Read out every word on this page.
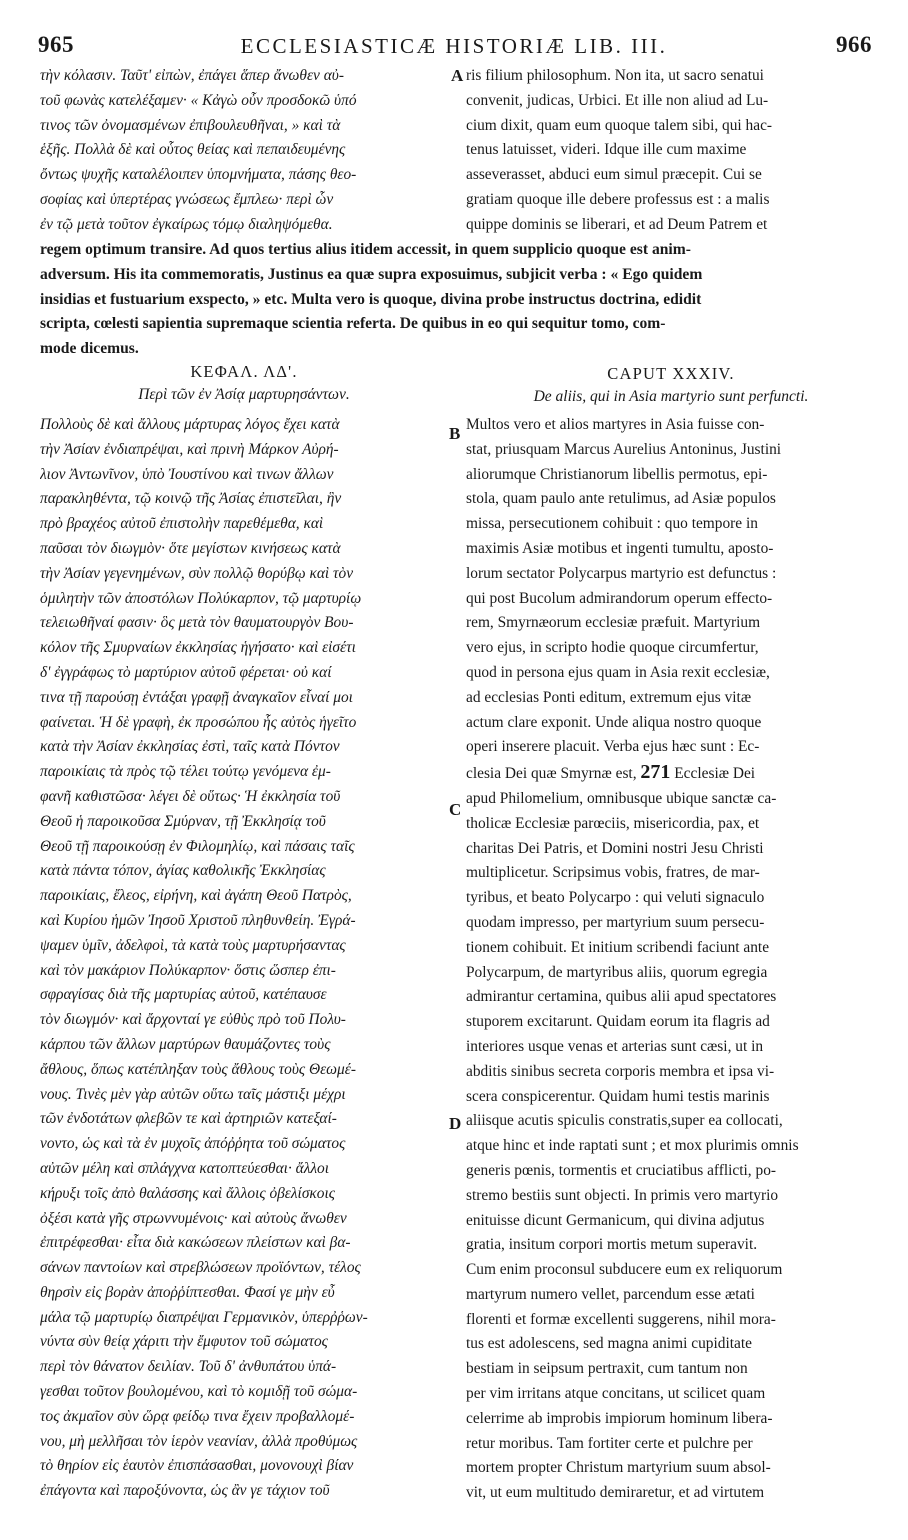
965	ECCLESIASTICÆ HISTORIÆ LIB. III.	966
τὴν κόλασιν. Ταῦτ' εἰπὼν, ἐπάγει ἅπερ ἄνωθεν αὐ-
τοῦ φωνὰς κατελέξαμεν· « Κἀγὼ οὖν προσδοκῶ ὑπό
τινος τῶν ὀνομασμένων ἐπιβουλευθῆναι, » καὶ τὰ
ἑξῆς. Πολλὰ δὲ καὶ οὗτος θείας καὶ πεπαιδευμένης
ὄντως ψυχῆς καταλέλοιπεν ὑπομνήματα, πάσης θεο-
σοφίας καὶ ὑπερτέρας γνώσεως ἔμπλεω· περὶ ὧν
ἐν τῷ μετὰ τοῦτον ἐγκαίρως τόμῳ διαληψόμεθα.
A ris filium philosophum. Non ita, ut sacro senatui
convenit, judicas, Urbici. Et ille non aliud ad Lu-
cium dixit, quam eum quoque talem sibi, qui hac-
tenus latuisset, videri. Idque ille cum maxime
asseverasset, abduci eum simul præcepit. Cui se
gratiam quoque ille debere professus est : a malis
quippe dominis se liberari, et ad Deum Patrem et
regem optimum transire. Ad quos tertius alius itidem accessit, in quem supplicio quoque est anim-
adversum. His ita commemoratis, Justinus ea quæ supra exposuimus, subjicit verba : « Ego quidem
insidias et fustuarium exspecto, » etc. Multa vero is quoque, divina probe instructus doctrina, edidit
scripta, cœlesti sapientia supremaque scientia referta. De quibus in eo qui sequitur tomo, com-
mode dicemus.
ΚΕΦΑΛ. ΛΔ'.
Περὶ τῶν ἐν Ἀσίᾳ μαρτυρησάντων.
CAPUT XXXIV.
De aliis, qui in Asia martyrio sunt perfuncti.
Πολλοὺς δὲ καὶ ἄλλους μάρτυρας λόγος ἔχει κατὰ
τὴν Ἀσίαν ἐνδιαπρέψαι, καὶ πρινὴ Μάρκον Αὐρή-
λιον Ἀντωνῖνον, ὑπὸ Ἰουστίνου καὶ τινων ἄλλων
παρακληθέντα, τῷ κοινῷ τῆς Ἀσίας ἐπιστεῖλαι, ἣν
πρὸ βραχέος αὐτοῦ ἐπιστολὴν παρεθέμεθα, καὶ
παῦσαι τὸν διωγμὸν· ὅτε μεγίστων κινήσεως κατὰ
τὴν Ἀσίαν γεγενημένων, σὺν πολλῷ θορύβῳ καὶ τὸν
ὁμιλητὴν τῶν ἀποστόλων Πολύκαρπον, τῷ μαρτυρίῳ
τελειωθῆναί φασιν· ὃς μετὰ τὸν θαυματουργὸν Βου-
κόλον τῆς Σμυρναίων ἐκκλησίας ἡγήσατο· καὶ εἰσέτι
δ' ἐγγράφως τὸ μαρτύριον αὐτοῦ φέρεται· οὐ καί
τινα τῇ παρούσῃ ἐντάξαι γραφῇ ἀναγκαῖον εἶναί μοι
φαίνεται. Ἡ δὲ γραφὴ, ἐκ προσώπου ἧς αὐτὸς ἡγεῖτο
κατὰ τὴν Ἀσίαν ἐκκλησίας ἐστὶ, ταῖς κατὰ Πόντον
παροικίαις τὰ πρὸς τῷ τέλει τούτῳ γενόμενα ἐμ-
φανῆ καθιστῶσα· λέγει δὲ οὕτως· Ἡ ἐκκλησία τοῦ
Θεοῦ ἡ παροικοῦσα Σμύρναν, τῇ Ἐκκλησίᾳ τοῦ
Θεοῦ τῇ παροικούσῃ ἐν Φιλομηλίῳ, καὶ πάσαις ταῖς
κατὰ πάντα τόπον, ἁγίας καθολικῆς Ἐκκλησίας
παροικίαις, ἔλεος, εἰρήνη, καὶ ἀγάπη Θεοῦ Πατρὸς,
καὶ Κυρίου ἡμῶν Ἰησοῦ Χριστοῦ πληθυνθείη. Ἐγρά-
ψαμεν ὑμῖν, ἀδελφοὶ, τὰ κατὰ τοὺς μαρτυρήσαντας
καὶ τὸν μακάριον Πολύκαρπον· ὅστις ὥσπερ ἐπι-
σφραγίσας διὰ τῆς μαρτυρίας αὐτοῦ, κατέπαυσε
τὸν διωγμόν· καὶ ἄρχονταί γε εὐθὺς πρὸ τοῦ Πολυ-
κάρπου τῶν ἄλλων μαρτύρων θαυμάζοντες τοὺς
ἄθλους, ὅπως κατέπληξαν τοὺς ἄθλους τοὺς Θεωμέ-
νους. Τινὲς μὲν γὰρ αὐτῶν οὕτω ταῖς μάστιξι μέχρι
τῶν ἐνδοτάτων φλεβῶν τε καὶ ἀρτηριῶν κατεξαί-
νοντο, ὡς καὶ τὰ ἐν μυχοῖς ἀπόῤῥητα τοῦ σώματος
αὐτῶν μέλη καὶ σπλάγχνα κατοπτεύεσθαι· ἄλλοι
κήρυξι τοῖς ἀπὸ θαλάσσης καὶ ἄλλοις ὀβελίσκοις
ὀξέσι κατὰ γῆς στρωννυμένοις· καὶ αὐτοὺς ἄνωθεν
ἐπιτρέφεσθαι· εἶτα διὰ κακώσεων πλείστων καὶ βα-
σάνων παντοίων καὶ στρεβλώσεων προϊόντων, τέλος
θηρσὶν εἰς βορὰν ἀποῤῥίπτεσθαι. Φασί γε μὴν εὖ
μάλα τῷ μαρτυρίῳ διαπρέψαι Γερμανικὸν, ὑπερῤῥων-
νύντα σὺν θείᾳ χάριτι τὴν ἔμφυτον τοῦ σώματος
περὶ τὸν θάνατον δειλίαν. Τοῦ δ' ἀνθυπάτου ὑπά-
γεσθαι τοῦτον βουλομένου, καὶ τὸ κομιδῇ τοῦ σώμα-
τος ἀκμαῖον σὺν ὥρᾳ φείδῳ τινα ἔχειν προβαλλομέ-
νου, μὴ μελλῆσαι τὸν ἱερὸν νεανίαν, ἀλλὰ προθύμως
τὸ θηρίον εἰς ἑαυτὸν ἐπισπάσασθαι, μονονουχὶ βίαν
ἐπάγοντα καὶ παροξύνοντα, ὡς ἂν γε τάχιον τοῦ
B
C
D
Multos vero et alios martyres in Asia fuisse con-
stat, priusquam Marcus Aurelius Antoninus, Justini
aliorumque Christianorum libellis permotus, epi-
stola, quam paulo ante retulimus, ad Asiæ populos
missa, persecutionem cohibuit : quo tempore in
maximis Asiæ motibus et ingenti tumultu, aposto-
lorum sectator Polycarpus martyrio est defunctus :
qui post Bucolum admirandorum operum effecto-
rem, Smyrnæorum ecclesiæ præfuit. Martyrium
vero ejus, in scripto hodie quoque circumfertur,
quod in persona ejus quam in Asia rexit ecclesiæ,
ad ecclesias Ponti editum, extremum ejus vitæ
actum clare exponit. Unde aliqua nostro quoque
operi inserere placuit. Verba ejus hæc sunt : Ec-
clesia Dei quæ Smyrnæ est, 271 Ecclesiæ Dei
apud Philomelium, omnibusque ubique sanctæ ca-
tholicæ Ecclesiæ parœciis, misericordia, pax, et
charitas Dei Patris, et Domini nostri Jesu Christi
multiplicetur. Scripsimus vobis, fratres, de mar-
tyribus, et beato Polycarpo : qui veluti signaculo
quodam impresso, per martyrium suum persecu-
tionem cohibuit. Et initium scribendi faciunt ante
Polycarpum, de martyribus aliis, quorum egregia
admirantur certamina, quibus alii apud spectatores
stuporem excitarunt. Quidam eorum ita flagris ad
interiores usque venas et arterias sunt cæsi, ut in
abditis sinibus secreta corporis membra et ipsa vi-
scera conspicerentur. Quidam humi testis marinis
aliisque acutis spiculis constratis,super ea collocati,
atque hinc et inde raptati sunt ; et mox plurimis omnis
generis pœnis, tormentis et cruciatibus afflicti, po-
stremo bestiis sunt objecti. In primis vero martyrio
enituisse dicunt Germanicum, qui divina adjutus
gratia, insitum corpori mortis metum superavit.
Cum enim proconsul subducere eum ex reliquorum
martyrum numero vellet, parcendum esse ætati
florenti et formæ excellenti suggerens, nihil mora-
tus est adolescens, sed magna animi cupiditate
bestiam in seipsum pertraxit, cum tantum non
per vim irritans atque concitans, ut scilicet quam
celerrime ab improbis impiorum hominum libera-
retur moribus. Tam fortiter certe et pulchre per
mortem propter Christum martyrium suum absol-
vit, ut eum multitudo demiraretur, et ad virtutem
